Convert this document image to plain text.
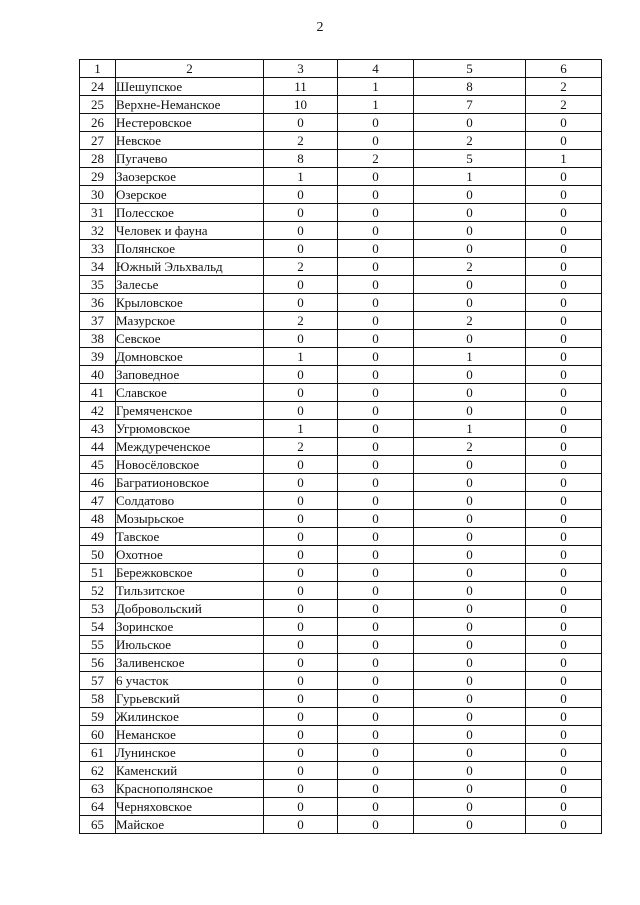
2
1	2	3	4	5	6
24	Шешупское	11	1	8	2
25	Верхне-Неманское	10	1	7	2
26	Нестеровское	0	0	0	0
27	Невское	2	0	2	0
28	Пугачево	8	2	5	1
29	Заозерское	1	0	1	0
30	Озерское	0	0	0	0
31	Полесское	0	0	0	0
32	Человек и фауна	0	0	0	0
33	Полянское	0	0	0	0
34	Южный Эльхвальд	2	0	2	0
35	Залесье	0	0	0	0
36	Крыловское	0	0	0	0
37	Мазурское	2	0	2	0
38	Севское	0	0	0	0
39	Домновское	1	0	1	0
40	Заповедное	0	0	0	0
41	Славское	0	0	0	0
42	Гремяченское	0	0	0	0
43	Угрюмовское	1	0	1	0
44	Междуреченское	2	0	2	0
45	Новосёловское	0	0	0	0
46	Багратионовское	0	0	0	0
47	Солдатово	0	0	0	0
48	Мозырьское	0	0	0	0
49	Тавское	0	0	0	0
50	Охотное	0	0	0	0
51	Бережковское	0	0	0	0
52	Тильзитское	0	0	0	0
53	Добровольский	0	0	0	0
54	Зоринское	0	0	0	0
55	Июльское	0	0	0	0
56	Заливенское	0	0	0	0
57	6 участок	0	0	0	0
58	Гурьевский	0	0	0	0
59	Жилинское	0	0	0	0
60	Неманское	0	0	0	0
61	Лунинское	0	0	0	0
62	Каменский	0	0	0	0
63	Краснополянское	0	0	0	0
64	Черняховское	0	0	0	0
65	Майское	0	0	0	0
